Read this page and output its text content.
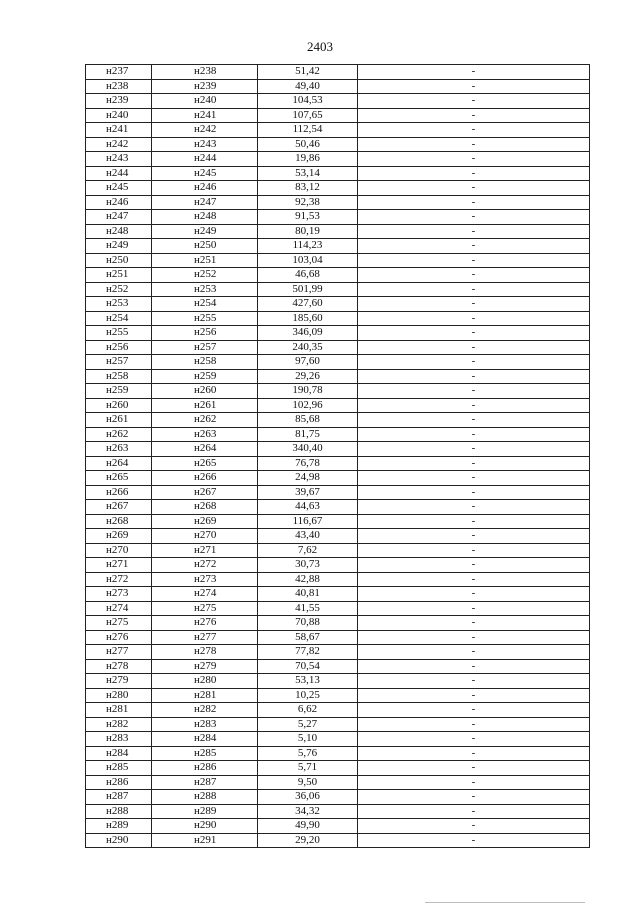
2403
н237	н238	51,42	-
н238	н239	49,40	-
н239	н240	104,53	-
н240	н241	107,65	-
н241	н242	112,54	-
н242	н243	50,46	-
н243	н244	19,86	-
н244	н245	53,14	-
н245	н246	83,12	-
н246	н247	92,38	-
н247	н248	91,53	-
н248	н249	80,19	-
н249	н250	114,23	-
н250	н251	103,04	-
н251	н252	46,68	-
н252	н253	501,99	-
н253	н254	427,60	-
н254	н255	185,60	-
н255	н256	346,09	-
н256	н257	240,35	-
н257	н258	97,60	-
н258	н259	29,26	-
н259	н260	190,78	-
н260	н261	102,96	-
н261	н262	85,68	-
н262	н263	81,75	-
н263	н264	340,40	-
н264	н265	76,78	-
н265	н266	24,98	-
н266	н267	39,67	-
н267	н268	44,63	-
н268	н269	116,67	-
н269	н270	43,40	-
н270	н271	7,62	-
н271	н272	30,73	-
н272	н273	42,88	-
н273	н274	40,81	-
н274	н275	41,55	-
н275	н276	70,88	-
н276	н277	58,67	-
н277	н278	77,82	-
н278	н279	70,54	-
н279	н280	53,13	-
н280	н281	10,25	-
н281	н282	6,62	-
н282	н283	5,27	-
н283	н284	5,10	-
н284	н285	5,76	-
н285	н286	5,71	-
н286	н287	9,50	-
н287	н288	36,06	-
н288	н289	34,32	-
н289	н290	49,90	-
н290	н291	29,20	-
